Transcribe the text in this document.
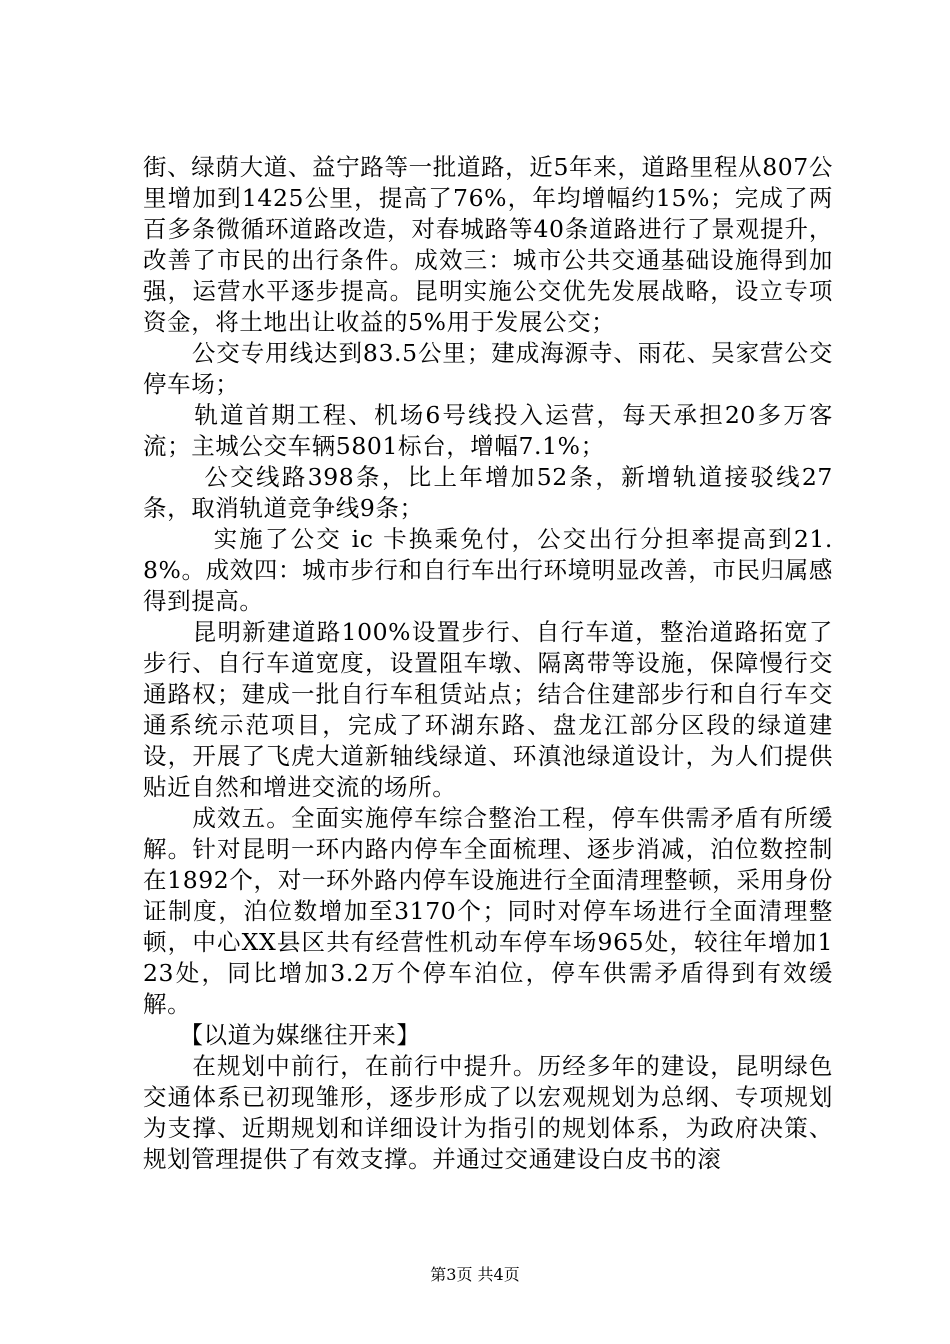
街、绿荫大道、益宁路等一批道路，近5年来，道路里程从807公里增加到1425公里，提高了76%，年均增幅约15%；完成了两百多条微循环道路改造，对春城路等40条道路进行了景观提升，改善了市民的出行条件。成效三：城市公共交通基础设施得到加强，运营水平逐步提高。昆明实施公交优先发展战略，设立专项资金，将土地出让收益的5%用于发展公交；

　　公交专用线达到83.5公里；建成海源寺、雨花、吴家营公交停车场；

　　轨道首期工程、机场6号线投入运营，每天承担20多万客流；主城公交车辆5801标台，增幅7.1%；

　　 公交线路398条，比上年增加52条，新增轨道接驳线27条，取消轨道竞争线9条；

　　  实施了公交 ic 卡换乘免付，公交出行分担率提高到21.8%。成效四：城市步行和自行车出行环境明显改善，市民归属感得到提高。

　　昆明新建道路100%设置步行、自行车道，整治道路拓宽了步行、自行车道宽度，设置阻车墩、隔离带等设施，保障慢行交通路权；建成一批自行车租赁站点；结合住建部步行和自行车交通系统示范项目，完成了环湖东路、盘龙江部分区段的绿道建设，开展了飞虎大道新轴线绿道、环滇池绿道设计，为人们提供贴近自然和增进交流的场所。

　　成效五。全面实施停车综合整治工程，停车供需矛盾有所缓解。针对昆明一环内路内停车全面梳理、逐步消减，泊位数控制在1892个，对一环外路内停车设施进行全面清理整顿，采用身份证制度，泊位数增加至3170个；同时对停车场进行全面清理整顿，中心XX县区共有经营性机动车停车场965处，较往年增加123处，同比增加3.2万个停车泊位，停车供需矛盾得到有效缓解。

　　【以道为媒继往开来】

　　在规划中前行，在前行中提升。历经多年的建设，昆明绿色交通体系已初现雏形，逐步形成了以宏观规划为总纲、专项规划为支撑、近期规划和详细设计为指引的规划体系，为政府决策、规划管理提供了有效支撑。并通过交通建设白皮书的滚

第3页 共4页
